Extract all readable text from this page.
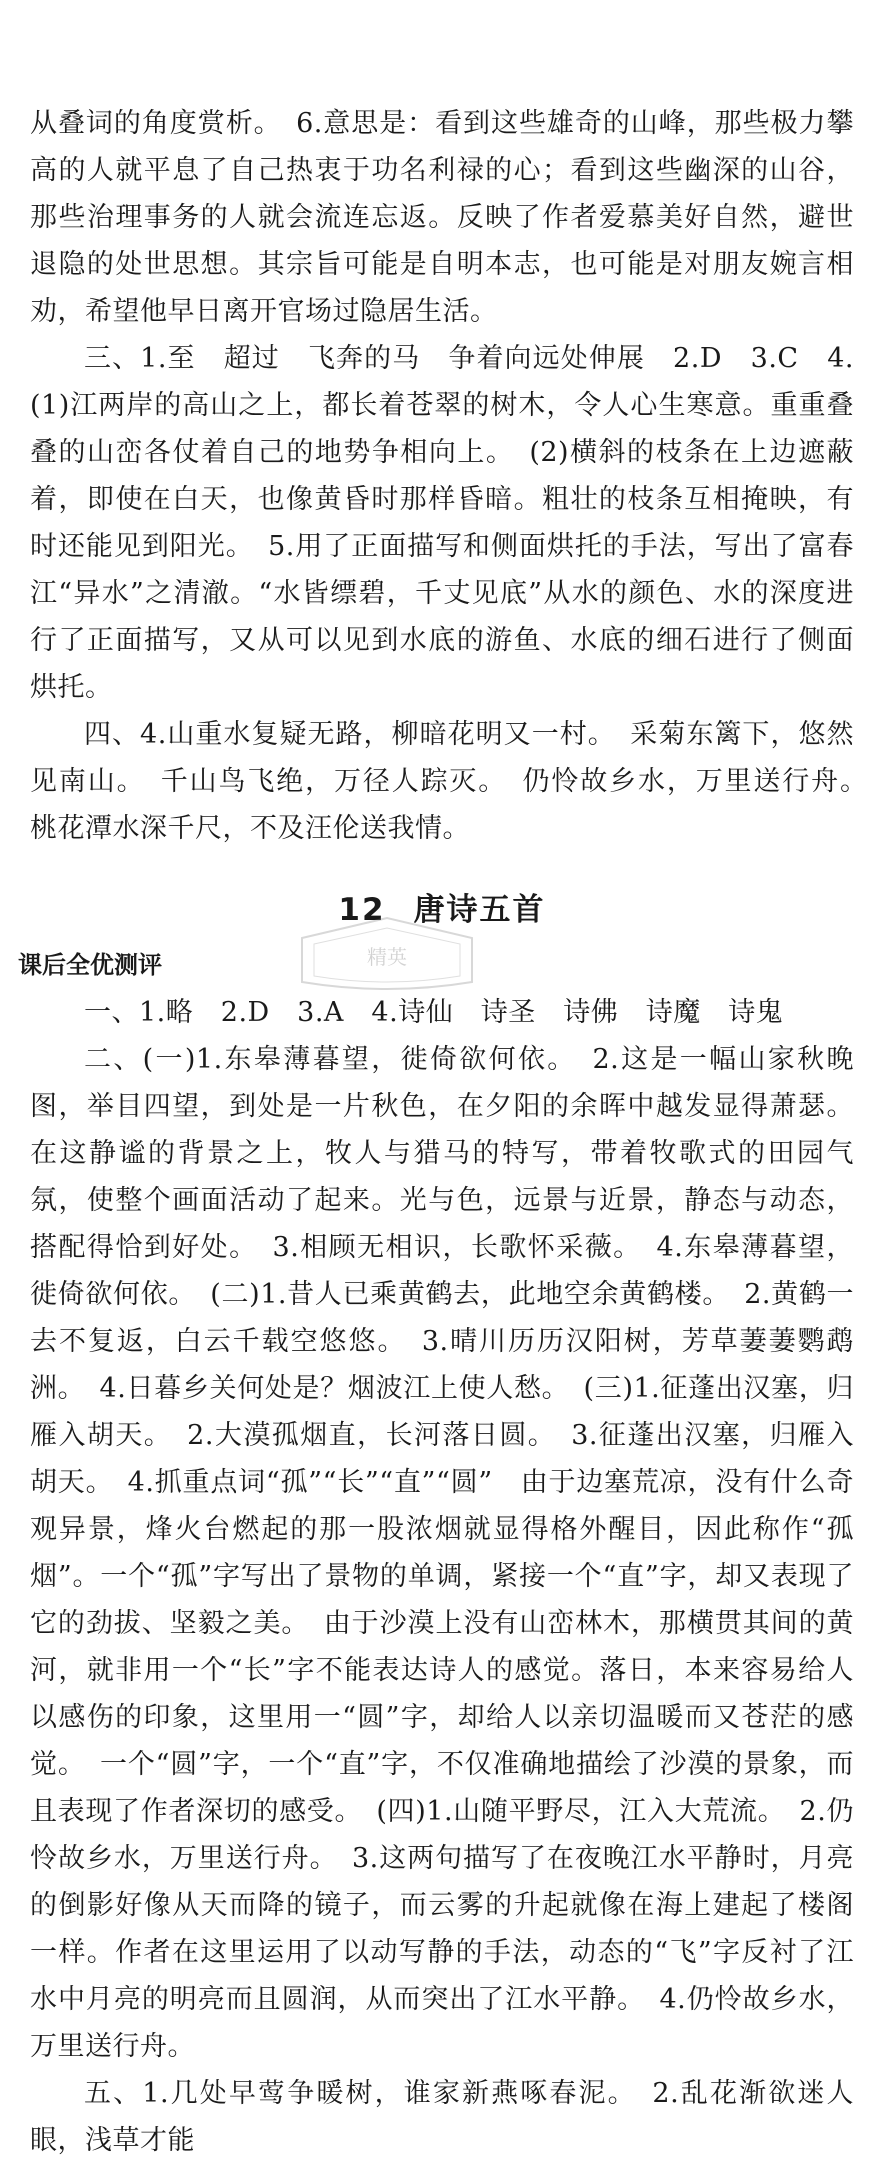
从叠词的角度赏析。　6.意思是：看到这些雄奇的山峰，那些极力攀高的人就平息了自己热衷于功名利禄的心；看到这些幽深的山谷，那些治理事务的人就会流连忘返。反映了作者爱慕美好自然，避世退隐的处世思想。其宗旨可能是自明本志，也可能是对朋友婉言相劝，希望他早日离开官场过隐居生活。

三、1.至　超过　飞奔的马　争着向远处伸展　2.D　3.C　4.(1)江两岸的高山之上，都长着苍翠的树木，令人心生寒意。重重叠叠的山峦各仗着自己的地势争相向上。　(2)横斜的枝条在上边遮蔽着，即使在白天，也像黄昏时那样昏暗。粗壮的枝条互相掩映，有时还能见到阳光。　5.用了正面描写和侧面烘托的手法，写出了富春江“异水”之清澈。“水皆缥碧，千丈见底”从水的颜色、水的深度进行了正面描写，又从可以见到水底的游鱼、水底的细石进行了侧面烘托。

四、4.山重水复疑无路，柳暗花明又一村。　采菊东篱下，悠然见南山。　千山鸟飞绝，万径人踪灭。　仍怜故乡水，万里送行舟。　桃花潭水深千尺，不及汪伦送我情。

12 唐诗五首
课后全优测评

一、1.略　2.D　3.A　4.诗仙　诗圣　诗佛　诗魔　诗鬼

二、(一)1.东皋薄暮望，徙倚欲何依。　2.这是一幅山家秋晚图，举目四望，到处是一片秋色，在夕阳的余晖中越发显得萧瑟。在这静谧的背景之上，牧人与猎马的特写，带着牧歌式的田园气氛，使整个画面活动了起来。光与色，远景与近景，静态与动态，搭配得恰到好处。　3.相顾无相识，长歌怀采薇。　4.东皋薄暮望，徙倚欲何依。　(二)1.昔人已乘黄鹤去，此地空余黄鹤楼。　2.黄鹤一去不复返，白云千载空悠悠。　3.晴川历历汉阳树，芳草萋萋鹦鹉洲。　4.日暮乡关何处是？烟波江上使人愁。　(三)1.征蓬出汉塞，归雁入胡天。　2.大漠孤烟直，长河落日圆。　3.征蓬出汉塞，归雁入胡天。　4.抓重点词“孤”“长”“直”“圆”　由于边塞荒凉，没有什么奇观异景，烽火台燃起的那一股浓烟就显得格外醒目，因此称作“孤烟”。一个“孤”字写出了景物的单调，紧接一个“直”字，却又表现了它的劲拔、坚毅之美。　由于沙漠上没有山峦林木，那横贯其间的黄河，就非用一个“长”字不能表达诗人的感觉。落日，本来容易给人以感伤的印象，这里用一“圆”字，却给人以亲切温暖而又苍茫的感觉。　一个“圆”字，一个“直”字，不仅准确地描绘了沙漠的景象，而且表现了作者深切的感受。　(四)1.山随平野尽，江入大荒流。　2.仍怜故乡水，万里送行舟。　3.这两句描写了在夜晚江水平静时，月亮的倒影好像从天而降的镜子，而云雾的升起就像在海上建起了楼阁一样。作者在这里运用了以动写静的手法，动态的“飞”字反衬了江水中月亮的明亮而且圆润，从而突出了江水平静。　4.仍怜故乡水，万里送行舟。

五、1.几处早莺争暖树，谁家新燕啄春泥。　2.乱花渐欲迷人眼，浅草才能

精英
